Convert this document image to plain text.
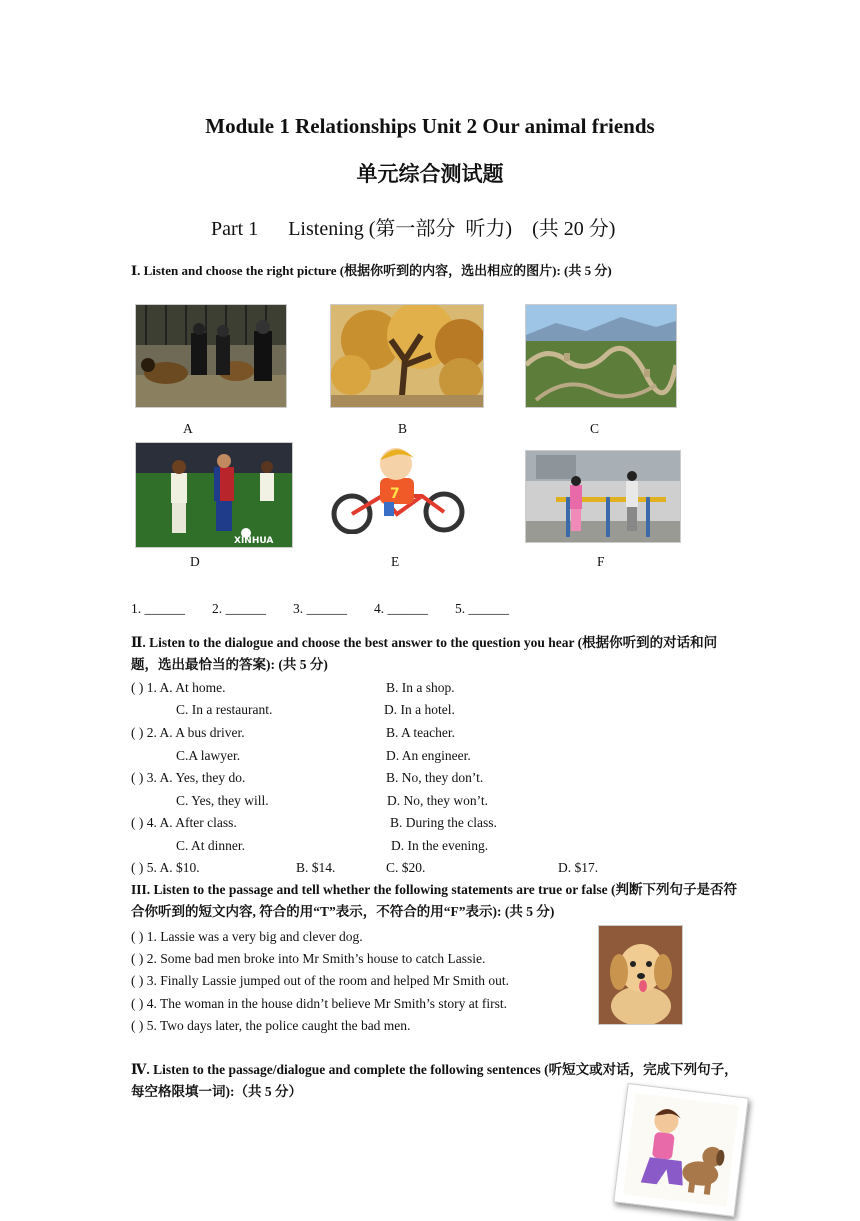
Module 1 Relationships Unit 2 Our animal friends
单元综合测试题
Part 1      Listening (第一部分  听力)    (共 20 分)
Ⅰ. Listen and choose the right picture (根据你听到的内容，选出相应的图片): (共 5 分)
A	B	C
XINHUA
7
D	E	F
1. ______        2. ______        3. ______        4. ______        5. ______
Ⅱ. Listen to the dialogue and choose the best answer to the question you hear (根据你听到的对话和问题，选出最恰当的答案): (共 5 分)
( ) 1. A. At home.	B. In a shop.
C. In a restaurant.	D. In a hotel.
( ) 2. A. A bus driver.	B. A teacher.
C.A lawyer.	D. An engineer.
( ) 3. A. Yes, they do.	B. No, they don’t.
C. Yes, they will.	D. No, they won’t.
( ) 4. A. After class.	B. During the class.
C. At dinner.	D. In the evening.
( ) 5. A. $10.	B. $14.	C. $20.	D. $17.
III. Listen to the passage and tell whether the following statements are true or false (判断下列句子是否符合你听到的短文内容, 符合的用“T”表示，不符合的用“F”表示): (共 5 分)
( ) 1. Lassie was a very big and clever dog.
( ) 2. Some bad men broke into Mr Smith’s house to catch Lassie.
( ) 3. Finally Lassie jumped out of the room and helped Mr Smith out.
( ) 4. The woman in the house didn’t believe Mr Smith’s story at first.
( ) 5. Two days later, the police caught the bad men.
Ⅳ. Listen to the passage/dialogue and complete the following sentences (听短文或对话，完成下列句子，每空格限填一词):（共 5 分）
